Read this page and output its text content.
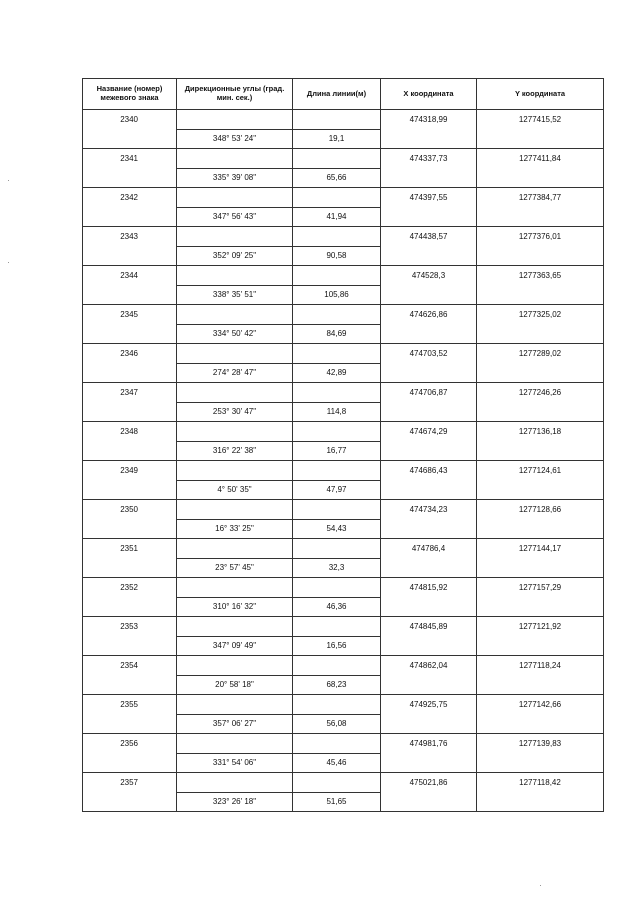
Название (номер) межевого знака	Дирекционные углы (град. мин. сек.)	Длина линии(м)	X координата	Y координата
2340			474318,99	1277415,52
	348° 53' 24"	19,1		
2341			474337,73	1277411,84
	335° 39' 08"	65,66		
2342			474397,55	1277384,77
	347° 56' 43"	41,94		
2343			474438,57	1277376,01
	352° 09' 25"	90,58		
2344			474528,3	1277363,65
	338° 35' 51"	105,86		
2345			474626,86	1277325,02
	334° 50' 42"	84,69		
2346			474703,52	1277289,02
	274° 28' 47"	42,89		
2347			474706,87	1277246,26
	253° 30' 47"	114,8		
2348			474674,29	1277136,18
	316° 22' 38"	16,77		
2349			474686,43	1277124,61
	4° 50' 35"	47,97		
2350			474734,23	1277128,66
	16° 33' 25"	54,43		
2351			474786,4	1277144,17
	23° 57' 45"	32,3		
2352			474815,92	1277157,29
	310° 16' 32"	46,36		
2353			474845,89	1277121,92
	347° 09' 49"	16,56		
2354			474862,04	1277118,24
	20° 58' 18"	68,23		
2355			474925,75	1277142,66
	357° 06' 27"	56,08		
2356			474981,76	1277139,83
	331° 54' 06"	45,46		
2357			475021,86	1277118,42
	323° 26' 18"	51,65		
